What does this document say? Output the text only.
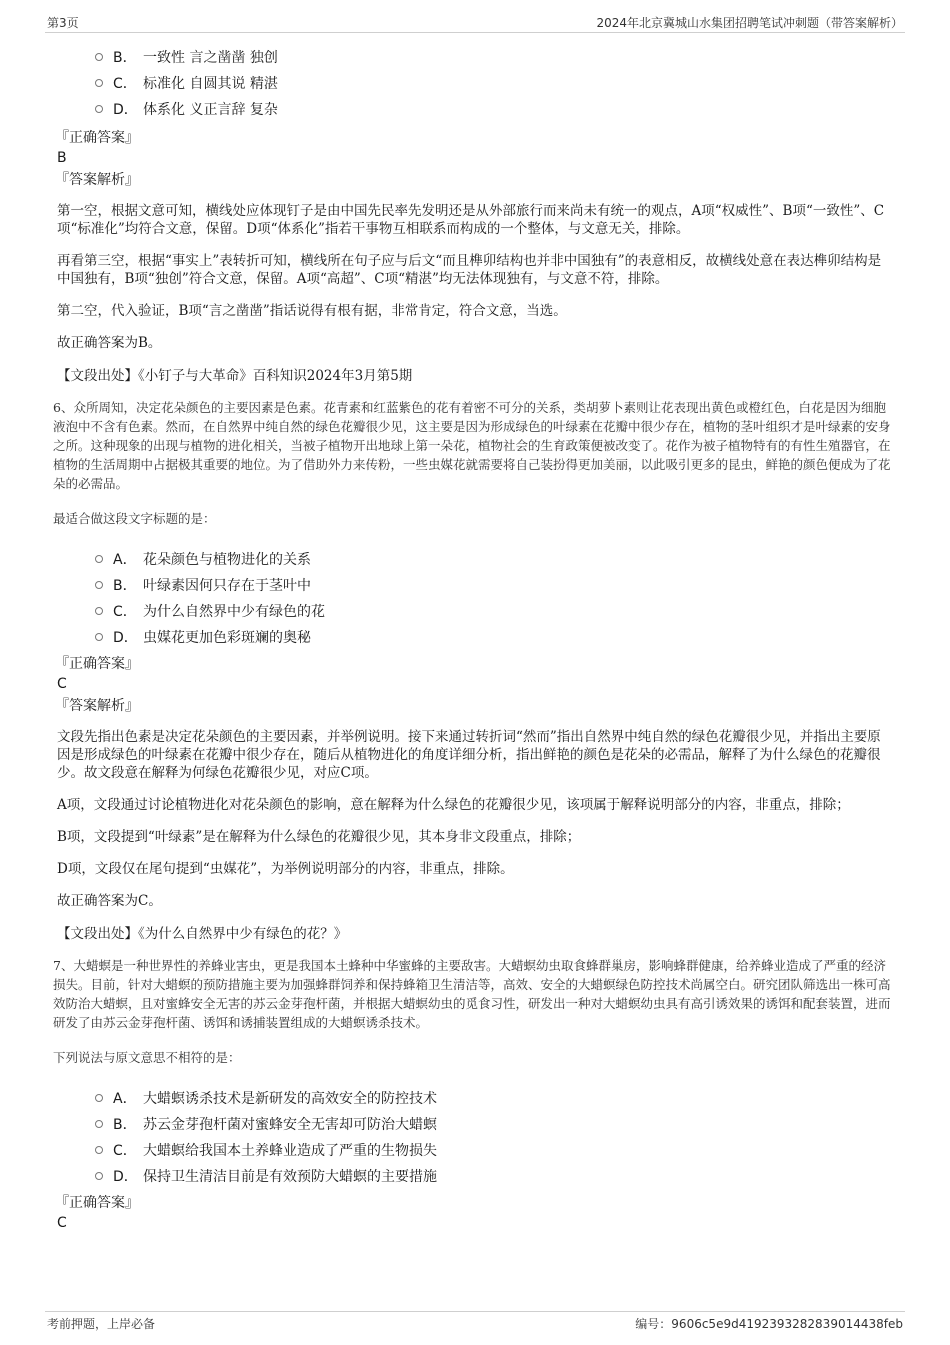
第3页	2024年北京冀城山水集团招聘笔试冲刺题（带答案解析）
B． 一致性 言之凿凿 独创
C． 标准化 自圆其说 精湛
D． 体系化 义正言辞 复杂
『正确答案』
B
『答案解析』

第一空，根据文意可知，横线处应体现钉子是由中国先民率先发明还是从外部旅行而来尚未有统一的观点，A项“权威性”、B项“一致性”、C项“标准化”均符合文意，保留。D项“体系化”指若干事物互相联系而构成的一个整体，与文意无关，排除。

再看第三空，根据“事实上”表转折可知，横线所在句子应与后文“而且榫卯结构也并非中国独有”的表意相反，故横线处意在表达榫卯结构是中国独有，B项“独创”符合文意，保留。A项“高超”、C项“精湛”均无法体现独有，与文意不符，排除。

第二空，代入验证，B项“言之凿凿”指话说得有根有据，非常肯定，符合文意，当选。

故正确答案为B。

【文段出处】《小钉子与大革命》百科知识2024年3月第5期

6、众所周知，决定花朵颜色的主要因素是色素。花青素和红蓝紫色的花有着密不可分的关系，类胡萝卜素则让花表现出黄色或橙红色，白花是因为细胞液泡中不含有色素。然而，在自然界中纯自然的绿色花瓣很少见，这主要是因为形成绿色的叶绿素在花瓣中很少存在，植物的茎叶组织才是叶绿素的安身之所。这种现象的出现与植物的进化相关，当被子植物开出地球上第一朵花，植物社会的生育政策便被改变了。花作为被子植物特有的有性生殖器官，在植物的生活周期中占据极其重要的地位。为了借助外力来传粉，一些虫媒花就需要将自己装扮得更加美丽，以此吸引更多的昆虫，鲜艳的颜色便成为了花朵的必需品。

最适合做这段文字标题的是：

A． 花朵颜色与植物进化的关系
B． 叶绿素因何只存在于茎叶中
C． 为什么自然界中少有绿色的花
D． 虫媒花更加色彩斑斓的奥秘
『正确答案』
C
『答案解析』

文段先指出色素是决定花朵颜色的主要因素，并举例说明。接下来通过转折词“然而”指出自然界中纯自然的绿色花瓣很少见，并指出主要原因是形成绿色的叶绿素在花瓣中很少存在，随后从植物进化的角度详细分析，指出鲜艳的颜色是花朵的必需品，解释了为什么绿色的花瓣很少。故文段意在解释为何绿色花瓣很少见，对应C项。

A项，文段通过讨论植物进化对花朵颜色的影响，意在解释为什么绿色的花瓣很少见，该项属于解释说明部分的内容，非重点，排除；

B项，文段提到“叶绿素”是在解释为什么绿色的花瓣很少见，其本身非文段重点，排除；

D项，文段仅在尾句提到“虫媒花”，为举例说明部分的内容，非重点，排除。

故正确答案为C。

【文段出处】《为什么自然界中少有绿色的花？》

7、大蜡螟是一种世界性的养蜂业害虫，更是我国本土蜂种中华蜜蜂的主要敌害。大蜡螟幼虫取食蜂群巢房，影响蜂群健康，给养蜂业造成了严重的经济损失。目前，针对大蜡螟的预防措施主要为加强蜂群饲养和保持蜂箱卫生清洁等，高效、安全的大蜡螟绿色防控技术尚属空白。研究团队筛选出一株可高效防治大蜡螟，且对蜜蜂安全无害的苏云金芽孢杆菌，并根据大蜡螟幼虫的觅食习性，研发出一种对大蜡螟幼虫具有高引诱效果的诱饵和配套装置，进而研发了由苏云金芽孢杆菌、诱饵和诱捕装置组成的大蜡螟诱杀技术。

下列说法与原文意思不相符的是：

A． 大蜡螟诱杀技术是新研发的高效安全的防控技术
B． 苏云金芽孢杆菌对蜜蜂安全无害却可防治大蜡螟
C． 大蜡螟给我国本土养蜂业造成了严重的生物损失
D． 保持卫生清洁目前是有效预防大蜡螟的主要措施
『正确答案』
C
考前押题，上岸必备	编号：9606c5e9d4192393282839014438feb
